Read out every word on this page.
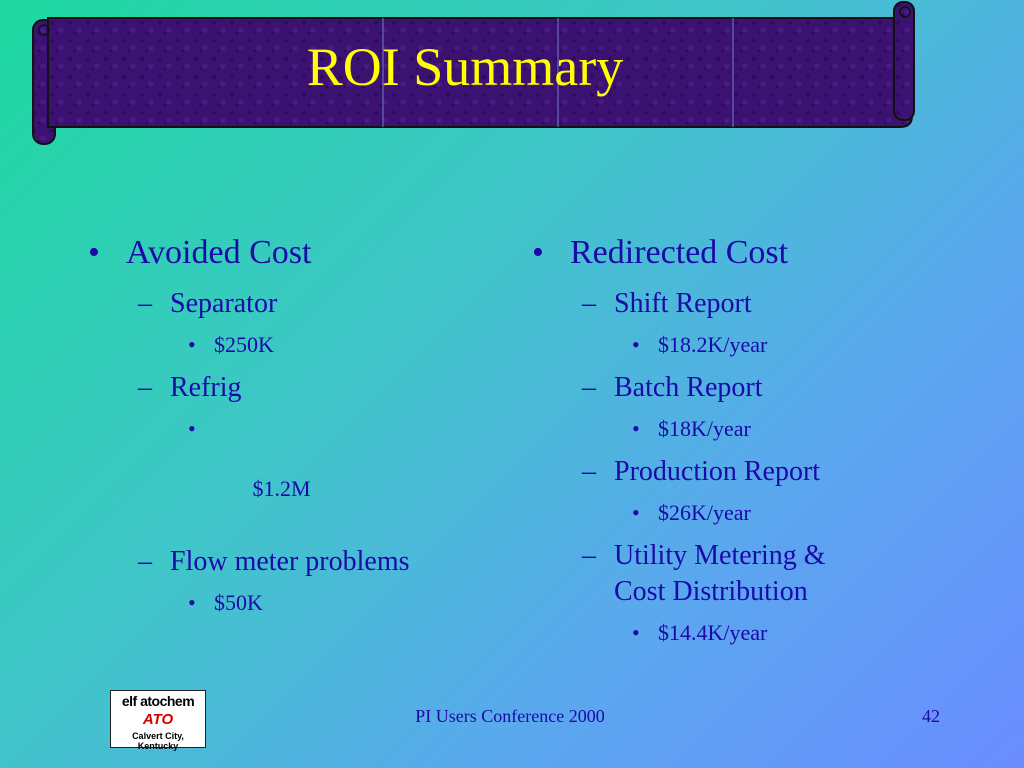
ROI Summary
• Avoided Cost
– Separator
• $250K
– Refrig

•

$1.2M

– Flow meter problems
• $50K
• Redirected Cost
– Shift Report
• $18.2K/year
– Batch Report
• $18K/year
– Production Report
• $26K/year
– Utility Metering &
Cost Distribution
• $14.4K/year
elf atochem
ATO
Calvert City, Kentucky
PI Users Conference 2000	42
